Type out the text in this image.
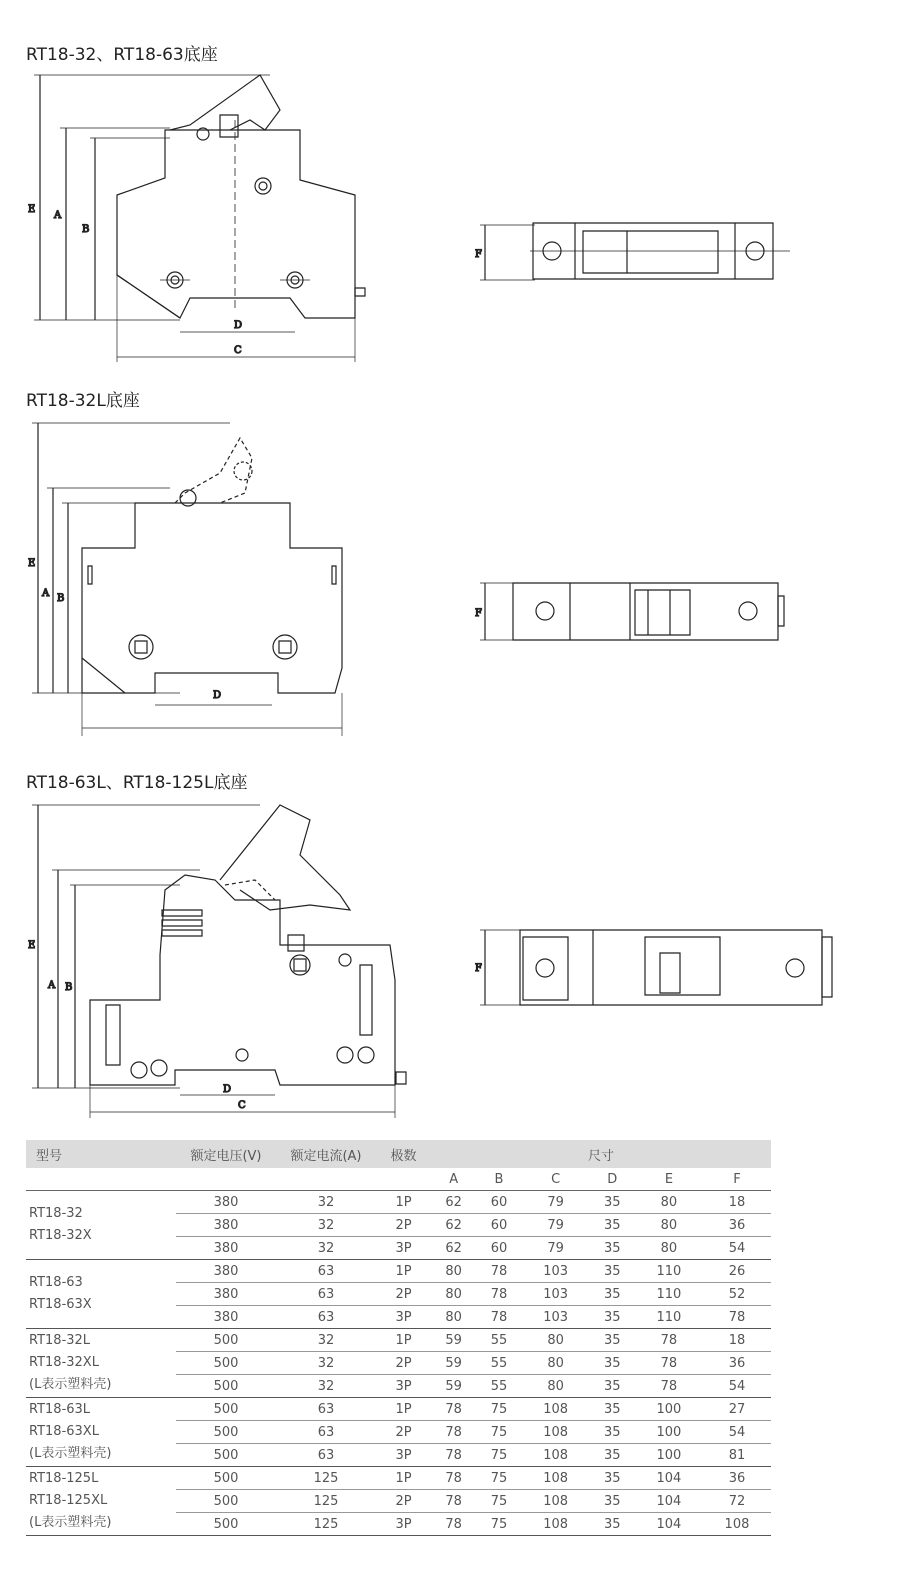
RT18-32、RT18-63底座
E
A
B
D
C
F
RT18-32L底座
E
A B
D
F
RT18-63L、RT18-125L底座
E
A B
D
C
F
型号	额定电压(V)	额定电流(A)	极数	尺寸					
				A	B	C	D	E	F

RT18-32
RT18-32X	380	32	1P	62	60	79	35	80	18
	380	32	2P	62	60	79	35	80	36
	380	32	3P	62	60	79	35	80	54

RT18-63
RT18-63X	380	63	1P	80	78	103	35	110	26
	380	63	2P	80	78	103	35	110	52
	380	63	3P	80	78	103	35	110	78

RT18-32L
RT18-32XL
(L表示塑料壳)	500	32	1P	59	55	80	35	78	18
	500	32	2P	59	55	80	35	78	36
	500	32	3P	59	55	80	35	78	54

RT18-63L
RT18-63XL
(L表示塑料壳)	500	63	1P	78	75	108	35	100	27
	500	63	2P	78	75	108	35	100	54
	500	63	3P	78	75	108	35	100	81

RT18-125L
RT18-125XL
(L表示塑料壳)	500	125	1P	78	75	108	35	104	36
	500	125	2P	78	75	108	35	104	72
	500	125	3P	78	75	108	35	104	108
